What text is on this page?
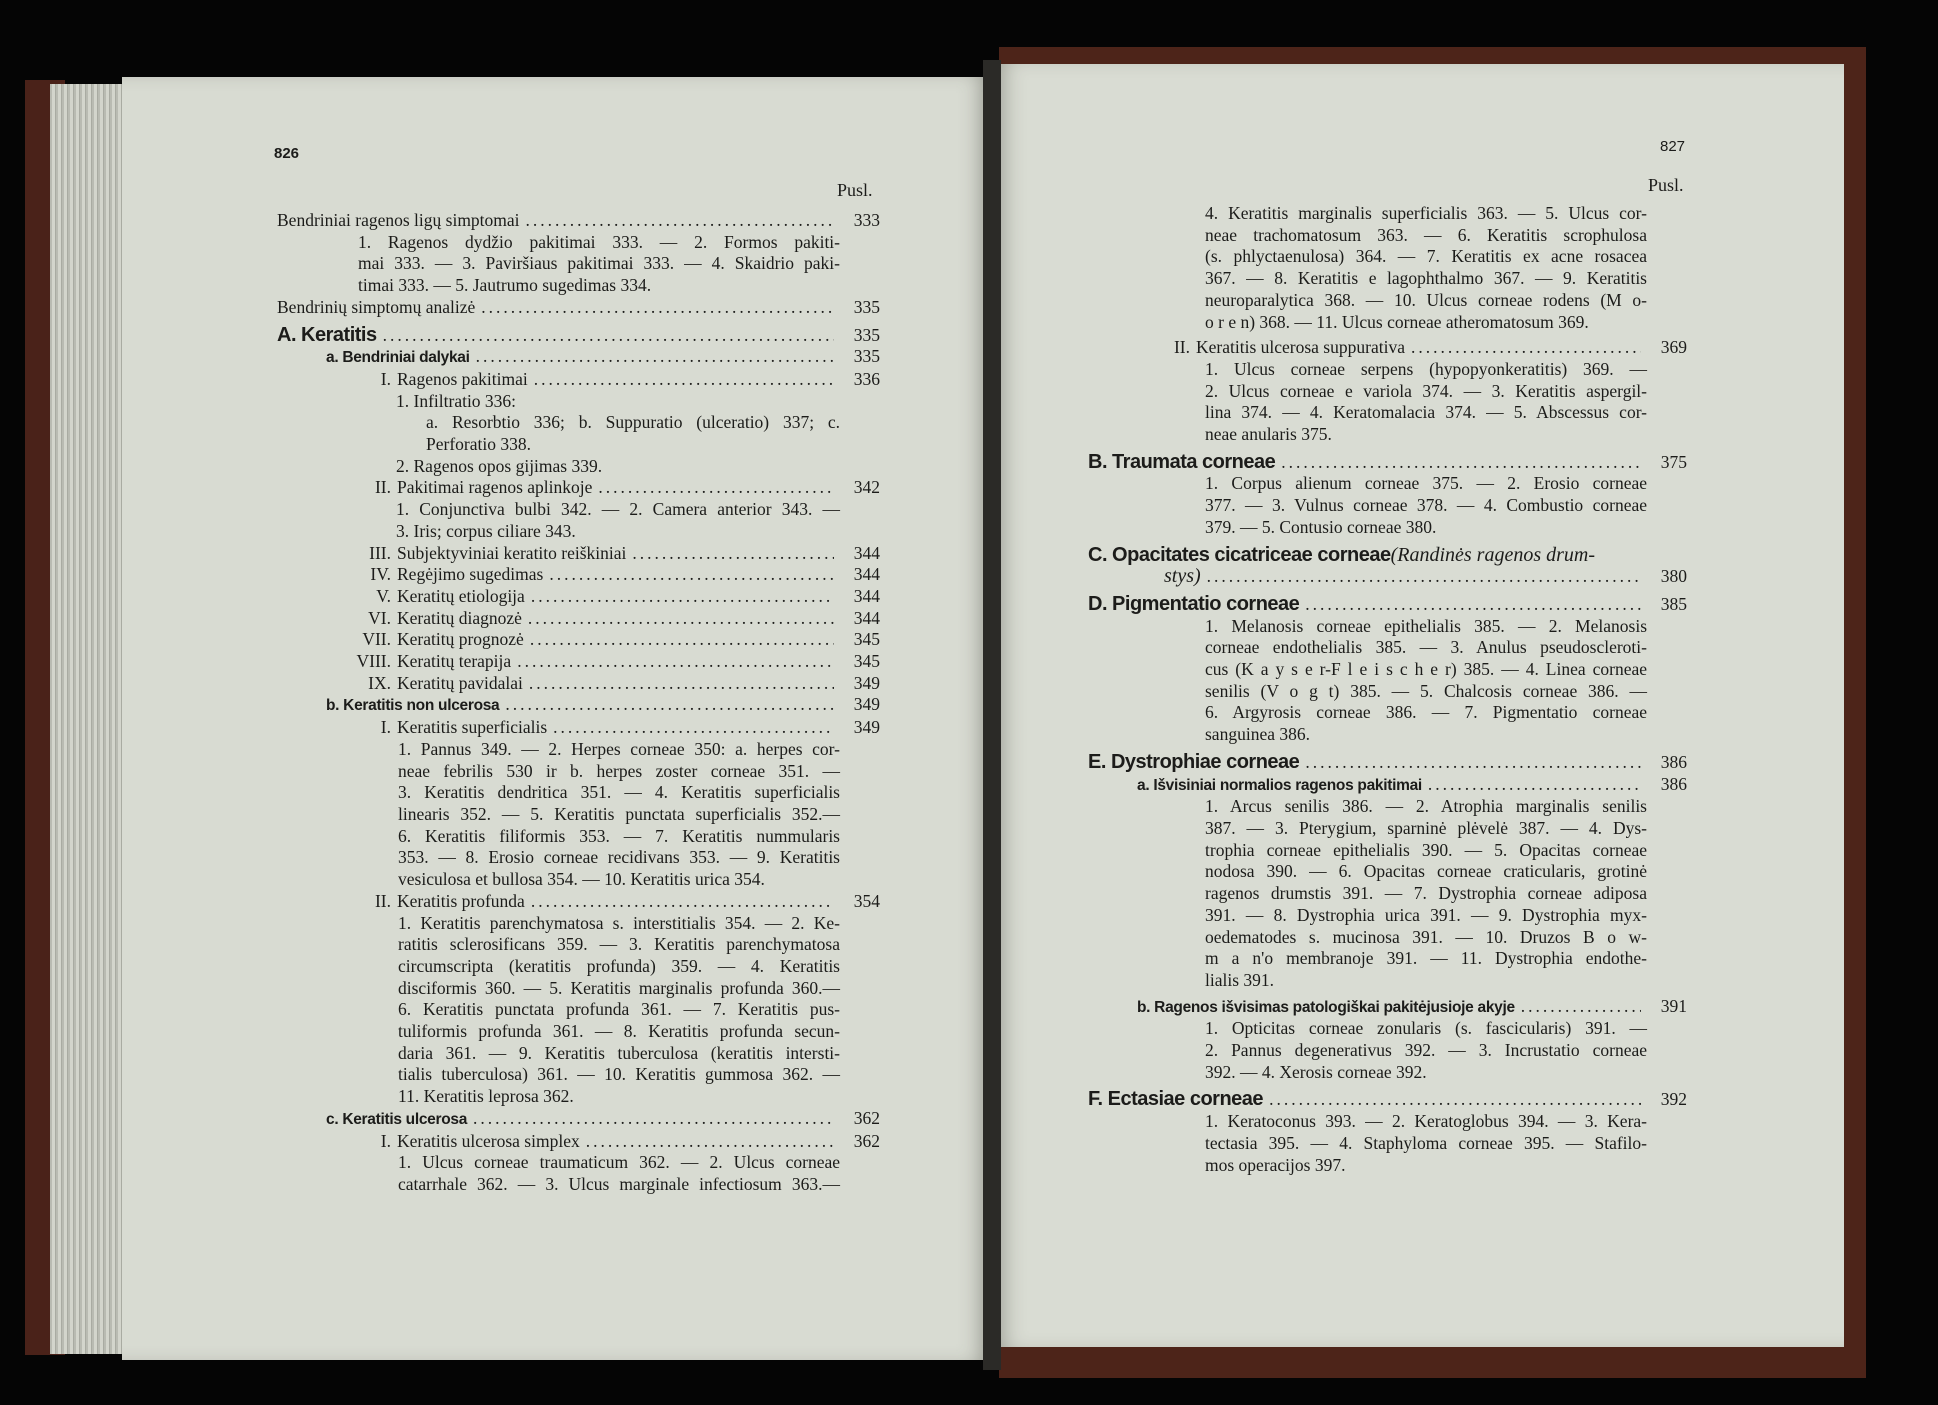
826	827
Pusl.	Pusl.
Bendriniai ragenos ligų simptomai .....	333
1. Ragenos dydžio pakitimai 333. — 2. Formos pakiti-
mai 333. — 3. Paviršiaus pakitimai 333. — 4. Skaidrio paki-
timai 333. — 5. Jautrumo sugedimas 334.
Bendrinių simptomų analizė .....	335
A. Keratitis .....	335
a. Bendriniai dalykai .....	335
I. Ragenos pakitimai .....	336
1. Infiltratio 336:
a. Resorbtio 336; b. Suppuratio (ulceratio) 337; c.
Perforatio 338.
2. Ragenos opos gijimas 339.
II. Pakitimai ragenos aplinkoje .....	342
1. Conjunctiva bulbi 342. — 2. Camera anterior 343. —
3. Iris; corpus ciliare 343.
III. Subjektyviniai keratito reiškiniai .....	344
IV. Regėjimo sugedimas .....	344
V. Keratitų etiologija .....	344
VI. Keratitų diagnozė .....	344
VII. Keratitų prognozė .....	345
VIII. Keratitų terapija .....	345
IX. Keratitų pavidalai .....	349
b. Keratitis non ulcerosa .....	349
I. Keratitis superficialis .....	349
1. Pannus 349. — 2. Herpes corneae 350: a. herpes cor-
neae febrilis 530 ir b. herpes zoster corneae 351. —
3. Keratitis dendritica 351. — 4. Keratitis superficialis
linearis 352. — 5. Keratitis punctata superficialis 352.—
6. Keratitis filiformis 353. — 7. Keratitis nummularis
353. — 8. Erosio corneae recidivans 353. — 9. Keratitis
vesiculosa et bullosa 354. — 10. Keratitis urica 354.
II. Keratitis profunda .....	354
1. Keratitis parenchymatosa s. interstitialis 354. — 2. Ke-
ratitis sclerosificans 359. — 3. Keratitis parenchymatosa
circumscripta (keratitis profunda) 359. — 4. Keratitis
disciformis 360. — 5. Keratitis marginalis profunda 360.—
6. Keratitis punctata profunda 361. — 7. Keratitis pus-
tuliformis profunda 361. — 8. Keratitis profunda secun-
daria 361. — 9. Keratitis tuberculosa (keratitis intersti-
tialis tuberculosa) 361. — 10. Keratitis gummosa 362. —
11. Keratitis leprosa 362.
c. Keratitis ulcerosa .....	362
I. Keratitis ulcerosa simplex .....	362
1. Ulcus corneae traumaticum 362. — 2. Ulcus corneae
catarrhale 362. — 3. Ulcus marginale infectiosum 363.—
4. Keratitis marginalis superficialis 363. — 5. Ulcus cor-
neae trachomatosum 363. — 6. Keratitis scrophulosa
(s. phlyctaenulosa) 364. — 7. Keratitis ex acne rosacea
367. — 8. Keratitis e lagophthalmo 367. — 9. Keratitis
neuroparalytica 368. — 10. Ulcus corneae rodens (M o-
o r e n) 368. — 11. Ulcus corneae atheromatosum 369.
II. Keratitis ulcerosa suppurativa .....	369
1. Ulcus corneae serpens (hypopyonkeratitis) 369. —
2. Ulcus corneae e variola 374. — 3. Keratitis aspergil-
lina 374. — 4. Keratomalacia 374. — 5. Abscessus cor-
neae anularis 375.
B. Traumata corneae .....	375
1. Corpus alienum corneae 375. — 2. Erosio corneae
377. — 3. Vulnus corneae 378. — 4. Combustio corneae
379. — 5. Contusio corneae 380.
C. Opacitates cicatriceae corneae (Randinės ragenos drum-
stys) .....	380
D. Pigmentatio corneae .....	385
1. Melanosis corneae epithelialis 385. — 2. Melanosis
corneae endothelialis 385. — 3. Anulus pseudoscleroti-
cus (K a y s e r-F l e i s c h e r) 385. — 4. Linea corneae
senilis (V o g t) 385. — 5. Chalcosis corneae 386. —
6. Argyrosis corneae 386. — 7. Pigmentatio corneae
sanguinea 386.
E. Dystrophiae corneae .....	386
a. Išvisiniai normalios ragenos pakitimai .....	386
1. Arcus senilis 386. — 2. Atrophia marginalis senilis
387. — 3. Pterygium, sparninė plėvelė 387. — 4. Dys-
trophia corneae epithelialis 390. — 5. Opacitas corneae
nodosa 390. — 6. Opacitas corneae craticularis, grotinė
ragenos drumstis 391. — 7. Dystrophia corneae adiposa
391. — 8. Dystrophia urica 391. — 9. Dystrophia myx-
oedematodes s. mucinosa 391. — 10. Druzos B o w-
m a n'o membranoje 391. — 11. Dystrophia endothe-
lialis 391.
b. Ragenos išvisimas patologiškai pakitėjusioje akyje .....	391
1. Opticitas corneae zonularis (s. fascicularis) 391. —
2. Pannus degenerativus 392. — 3. Incrustatio corneae
392. — 4. Xerosis corneae 392.
F. Ectasiae corneae .....	392
1. Keratoconus 393. — 2. Keratoglobus 394. — 3. Kera-
tectasia 395. — 4. Staphyloma corneae 395. — Stafilo-
mos operacijos 397.
